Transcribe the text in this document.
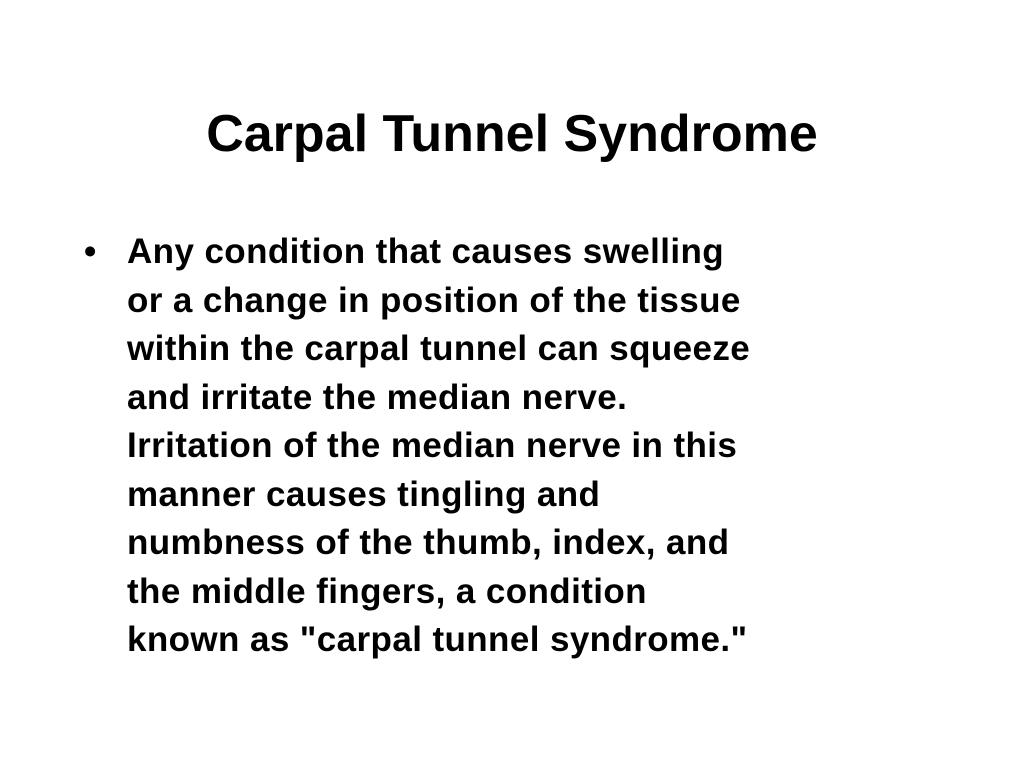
Carpal Tunnel Syndrome
• Any condition that causes swelling
or a change in position of the tissue
within the carpal tunnel can squeeze
and irritate the median nerve.
Irritation of the median nerve in this
manner causes tingling and
numbness of the thumb, index, and
the middle fingers, a condition
known as "carpal tunnel syndrome."
